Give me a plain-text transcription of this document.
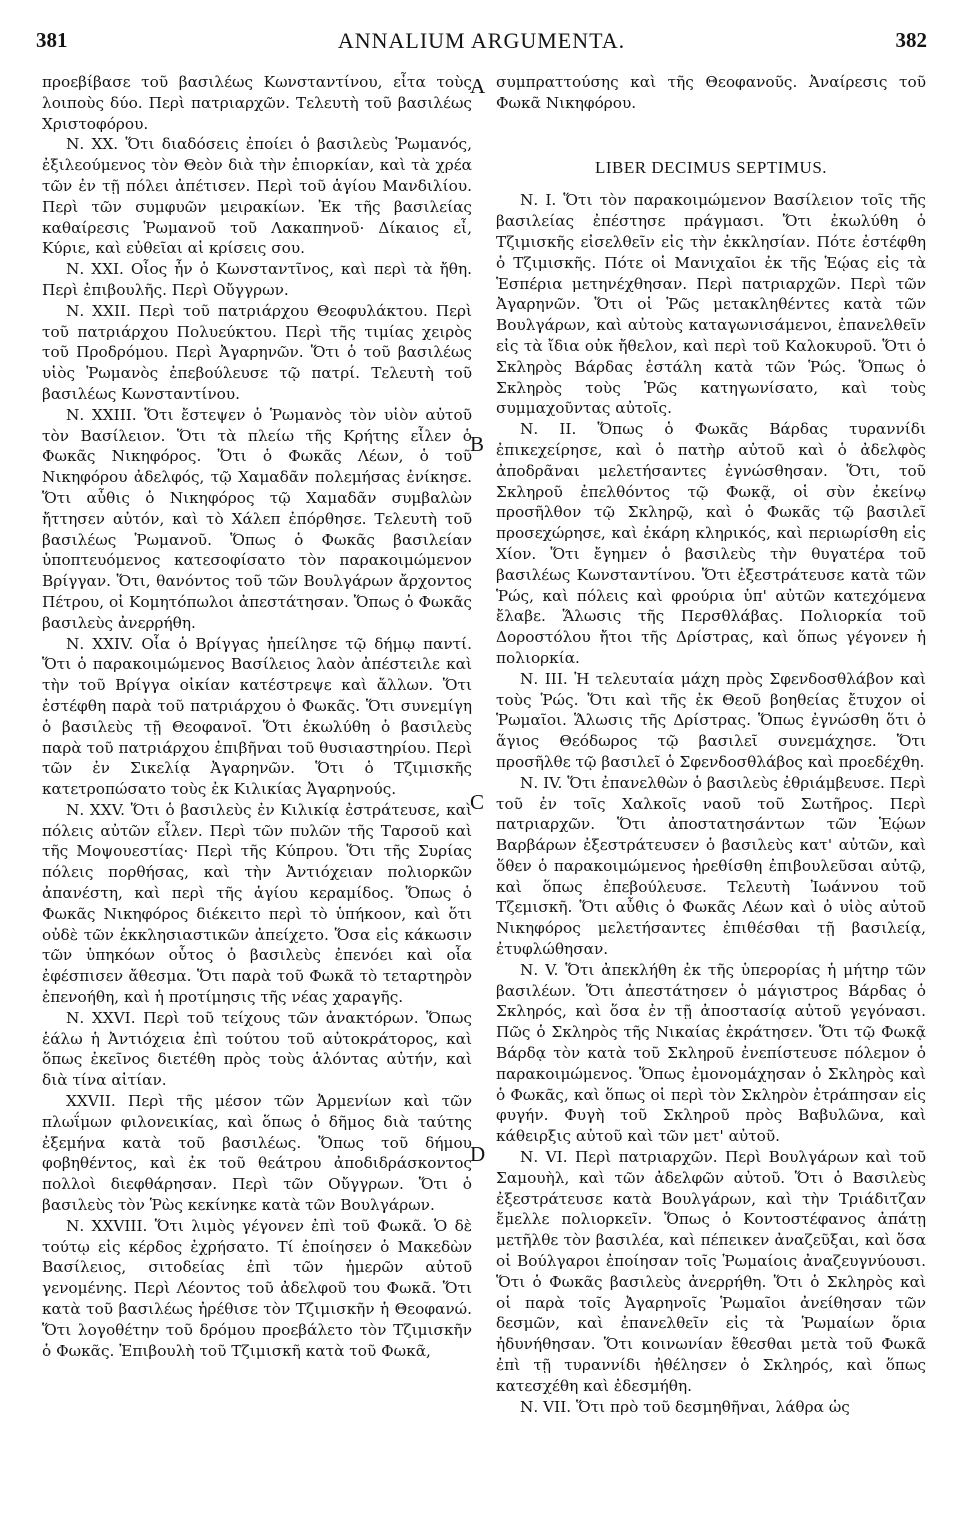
381	ANNALIUM ARGUMENTA.	382
A
B
C
D

προεβίβασε τοῦ βασιλέως Κωνσταντίνου, εἶτα τοὺς λοιποὺς δύο. Περὶ πατριαρχῶν. Τελευτὴ τοῦ βασιλέως Χριστοφόρου.

Ν. XX. Ὅτι διαδόσεις ἐποίει ὁ βασιλεὺς Ῥωμανός, ἐξιλεούμενος τὸν Θεὸν διὰ τὴν ἐπιορκίαν, καὶ τὰ χρέα τῶν ἐν τῇ πόλει ἀπέτισεν. Περὶ τοῦ ἁγίου Μανδιλίου. Περὶ τῶν συμφυῶν μειρακίων. Ἐκ τῆς βασιλείας καθαίρεσις Ῥωμανοῦ τοῦ Λακαπηνοῦ· Δίκαιος εἶ, Κύριε, καὶ εὐθεῖαι αἱ κρίσεις σου.

Ν. XXI. Οἷος ἦν ὁ Κωνσταντῖνος, καὶ περὶ τὰ ἤθη. Περὶ ἐπιβουλῆς. Περὶ Οὔγγρων.

Ν. XXII. Περὶ τοῦ πατριάρχου Θεοφυλάκτου. Περὶ τοῦ πατριάρχου Πολυεύκτου. Περὶ τῆς τιμίας χειρὸς τοῦ Προδρόμου. Περὶ Ἀγαρηνῶν. Ὅτι ὁ τοῦ βασιλέως υἱὸς Ῥωμανὸς ἐπεβούλευσε τῷ πατρί. Τελευτὴ τοῦ βασιλέως Κωνσταντίνου.

Ν. XXIII. Ὅτι ἔστεψεν ὁ Ῥωμανὸς τὸν υἱὸν αὐτοῦ τὸν Βασίλειον. Ὅτι τὰ πλείω τῆς Κρήτης εἷλεν ὁ Φωκᾶς Νικηφόρος. Ὅτι ὁ Φωκᾶς Λέων, ὁ τοῦ Νικηφόρου ἀδελφός, τῷ Χαμαδᾶν πολεμήσας ἐνίκησε. Ὅτι αὖθις ὁ Νικηφόρος τῷ Χαμαδᾶν συμβαλὼν ἤττησεν αὐτόν, καὶ τὸ Χάλεπ ἐπόρθησε. Τελευτὴ τοῦ βασιλέως Ῥωμανοῦ. Ὅπως ὁ Φωκᾶς βασιλείαν ὑποπτευόμενος κατεσοφίσατο τὸν παρακοιμώμενον Βρίγγαν. Ὅτι, θανόντος τοῦ τῶν Βουλγάρων ἄρχοντος Πέτρου, οἱ Κομητόπωλοι ἀπεστάτησαν. Ὅπως ὁ Φωκᾶς βασιλεὺς ἀνερρήθη.

Ν. XXIV. Οἷα ὁ Βρίγγας ἠπείλησε τῷ δήμῳ παντί. Ὅτι ὁ παρακοιμώμενος Βασίλειος λαὸν ἀπέστειλε καὶ τὴν τοῦ Βρίγγα οἰκίαν κατέστρεψε καὶ ἄλλων. Ὅτι ἐστέφθη παρὰ τοῦ πατριάρχου ὁ Φωκᾶς. Ὅτι συνεμίγη ὁ βασιλεὺς τῇ Θεοφανοῖ. Ὅτι ἐκωλύθη ὁ βασιλεὺς παρὰ τοῦ πατριάρχου ἐπιβῆναι τοῦ θυσιαστηρίου. Περὶ τῶν ἐν Σικελίᾳ Ἀγαρηνῶν. Ὅτι ὁ Τζιμισκῆς κατετροπώσατο τοὺς ἐκ Κιλικίας Ἀγαρηνούς.

Ν. XXV. Ὅτι ὁ βασιλεὺς ἐν Κιλικίᾳ ἐστράτευσε, καὶ πόλεις αὐτῶν εἷλεν. Περὶ τῶν πυλῶν τῆς Ταρσοῦ καὶ τῆς Μοψουεστίας· Περὶ τῆς Κύπρου. Ὅτι τῆς Συρίας πόλεις πορθήσας, καὶ τὴν Ἀντιόχειαν πολιορκῶν ἀπανέστη, καὶ περὶ τῆς ἁγίου κεραμίδος. Ὅπως ὁ Φωκᾶς Νικηφόρος διέκειτο περὶ τὸ ὑπήκοον, καὶ ὅτι οὐδὲ τῶν ἐκκλησιαστικῶν ἀπείχετο. Ὅσα εἰς κάκωσιν τῶν ὑπηκόων οὗτος ὁ βασιλεὺς ἐπενόει καὶ οἷα ἐφέσπισεν ἄθεσμα. Ὅτι παρὰ τοῦ Φωκᾶ τὸ τεταρτηρὸν ἐπενοήθη, καὶ ἡ προτίμησις τῆς νέας χαραγῆς.

Ν. XXVI. Περὶ τοῦ τείχους τῶν ἀνακτόρων. Ὅπως ἑάλω ἡ Ἀντιόχεια ἐπὶ τούτου τοῦ αὐτοκράτορος, καὶ ὅπως ἐκεῖνος διετέθη πρὸς τοὺς ἁλόντας αὐτήν, καὶ διὰ τίνα αἰτίαν.

XXVII. Περὶ τῆς μέσον τῶν Ἀρμενίων καὶ τῶν πλωΐμων φιλονεικίας, καὶ ὅπως ὁ δῆμος διὰ ταύτης ἐξεμήνα κατὰ τοῦ βασιλέως. Ὅπως τοῦ δήμου φοβηθέντος, καὶ ἐκ τοῦ θεάτρου ἀποδιδράσκοντος πολλοὶ διεφθάρησαν. Περὶ τῶν Οὔγγρων. Ὅτι ὁ βασιλεὺς τὸν Ῥὼς κεκίνηκε κατὰ τῶν Βουλγάρων.

Ν. XXVIII. Ὅτι λιμὸς γέγονεν ἐπὶ τοῦ Φωκᾶ. Ὁ δὲ τούτῳ εἰς κέρδος ἐχρήσατο. Τί ἐποίησεν ὁ Μακεδὼν Βασίλειος, σιτοδείας ἐπὶ τῶν ἡμερῶν αὐτοῦ γενομένης. Περὶ Λέοντος τοῦ ἀδελφοῦ του Φωκᾶ. Ὅτι κατὰ τοῦ βασιλέως ἠρέθισε τὸν Τζιμισκῆν ἡ Θεοφανώ. Ὅτι λογοθέτην τοῦ δρόμου προεβάλετο τὸν Τζιμισκῆν ὁ Φωκᾶς. Ἐπιβουλὴ τοῦ Τζιμισκῆ κατὰ τοῦ Φωκᾶ,

συμπραττούσης καὶ τῆς Θεοφανοῦς. Ἀναίρεσις τοῦ Φωκᾶ Νικηφόρου.

LIBER DECIMUS SEPTIMUS.

Ν. I. Ὅτι τὸν παρακοιμώμενον Βασίλειον τοῖς τῆς βασιλείας ἐπέστησε πράγμασι. Ὅτι ἐκωλύθη ὁ Τζιμισκῆς εἰσελθεῖν εἰς τὴν ἐκκλησίαν. Πότε ἐστέφθη ὁ Τζιμισκῆς. Πότε οἱ Μανιχαῖοι ἐκ τῆς Ἑῴας εἰς τὰ Ἑσπέρια μετηνέχθησαν. Περὶ πατριαρχῶν. Περὶ τῶν Ἀγαρηνῶν. Ὅτι οἱ Ῥῶς μετακληθέντες κατὰ τῶν Βουλγάρων, καὶ αὐτοὺς καταγωνισάμενοι, ἐπανελθεῖν εἰς τὰ ἴδια οὐκ ἤθελον, καὶ περὶ τοῦ Καλοκυροῦ. Ὅτι ὁ Σκληρὸς Βάρδας ἐστάλη κατὰ τῶν Ῥώς. Ὅπως ὁ Σκληρὸς τοὺς Ῥῶς κατηγωνίσατο, καὶ τοὺς συμμαχοῦντας αὐτοῖς.

Ν. II. Ὅπως ὁ Φωκᾶς Βάρδας τυραννίδι ἐπικεχείρησε, καὶ ὁ πατὴρ αὐτοῦ καὶ ὁ ἀδελφὸς ἀποδρᾶναι μελετήσαντες ἐγνώσθησαν. Ὅτι, τοῦ Σκληροῦ ἐπελθόντος τῷ Φωκᾷ, οἱ σὺν ἐκείνῳ προσῆλθον τῷ Σκληρῷ, καὶ ὁ Φωκᾶς τῷ βασιλεῖ προσεχώρησε, καὶ ἐκάρη κληρικός, καὶ περιωρίσθη εἰς Χίον. Ὅτι ἔγημεν ὁ βασιλεὺς τὴν θυγατέρα τοῦ βασιλέως Κωνσταντίνου. Ὅτι ἐξεστράτευσε κατὰ τῶν Ῥώς, καὶ πόλεις καὶ φρούρια ὑπ' αὐτῶν κατεχόμενα ἔλαβε. Ἅλωσις τῆς Περσθλάβας. Πολιορκία τοῦ Δοροστόλου ἤτοι τῆς Δρίστρας, καὶ ὅπως γέγονεν ἡ πολιορκία.

Ν. III. Ἡ τελευταία μάχη πρὸς Σφενδοσθλάβον καὶ τοὺς Ῥώς. Ὅτι καὶ τῆς ἐκ Θεοῦ βοηθείας ἔτυχον οἱ Ῥωμαῖοι. Ἅλωσις τῆς Δρίστρας. Ὅπως ἐγνώσθη ὅτι ὁ ἅγιος Θεόδωρος τῷ βασιλεῖ συνεμάχησε. Ὅτι προσῆλθε τῷ βασιλεῖ ὁ Σφενδοσθλάβος καὶ προεδέχθη.

Ν. IV. Ὅτι ἐπανελθὼν ὁ βασιλεὺς ἐθριάμβευσε. Περὶ τοῦ ἐν τοῖς Χαλκοῖς ναοῦ τοῦ Σωτῆρος. Περὶ πατριαρχῶν. Ὅτι ἀποστατησάντων τῶν Ἑῴων Βαρβάρων ἐξεστράτευσεν ὁ βασιλεὺς κατ' αὐτῶν, καὶ ὅθεν ὁ παρακοιμώμενος ἠρεθίσθη ἐπιβουλεῦσαι αὐτῷ, καὶ ὅπως ἐπεβούλευσε. Τελευτὴ Ἰωάννου τοῦ Τζεμισκῆ. Ὅτι αὖθις ὁ Φωκᾶς Λέων καὶ ὁ υἱὸς αὐτοῦ Νικηφόρος μελετήσαντες ἐπιθέσθαι τῇ βασιλείᾳ, ἐτυφλώθησαν.

Ν. V. Ὅτι ἀπεκλήθη ἐκ τῆς ὑπερορίας ἡ μήτηρ τῶν βασιλέων. Ὅτι ἀπεστάτησεν ὁ μάγιστρος Βάρδας ὁ Σκληρός, καὶ ὅσα ἐν τῇ ἀποστασίᾳ αὐτοῦ γεγόνασι. Πῶς ὁ Σκληρὸς τῆς Νικαίας ἐκράτησεν. Ὅτι τῷ Φωκᾷ Βάρδᾳ τὸν κατὰ τοῦ Σκληροῦ ἐνεπίστευσε πόλεμον ὁ παρακοιμώμενος. Ὅπως ἐμονομάχησαν ὁ Σκληρὸς καὶ ὁ Φωκᾶς, καὶ ὅπως οἱ περὶ τὸν Σκληρὸν ἐτράπησαν εἰς φυγήν. Φυγὴ τοῦ Σκληροῦ πρὸς Βαβυλῶνα, καὶ κάθειρξις αὐτοῦ καὶ τῶν μετ' αὐτοῦ.

Ν. VI. Περὶ πατριαρχῶν. Περὶ Βουλγάρων καὶ τοῦ Σαμουὴλ, καὶ τῶν ἀδελφῶν αὐτοῦ. Ὅτι ὁ Βασιλεὺς ἐξεστράτευσε κατὰ Βουλγάρων, καὶ τὴν Τριάδιτζαν ἔμελλε πολιορκεῖν. Ὅπως ὁ Κοντοστέφανος ἀπάτῃ μετῆλθε τὸν βασιλέα, καὶ πέπεικεν ἀναζεῦξαι, καὶ ὅσα οἱ Βούλγαροι ἐποίησαν τοῖς Ῥωμαίοις ἀναζευγνύουσι. Ὅτι ὁ Φωκᾶς βασιλεὺς ἀνερρήθη. Ὅτι ὁ Σκληρὸς καὶ οἱ παρὰ τοῖς Ἀγαρηνοῖς Ῥωμαῖοι ἀνείθησαν τῶν δεσμῶν, καὶ ἐπανελθεῖν εἰς τὰ Ῥωμαίων ὅρια ἠδυνήθησαν. Ὅτι κοινωνίαν ἔθεσθαι μετὰ τοῦ Φωκᾶ ἐπὶ τῇ τυραννίδι ἠθέλησεν ὁ Σκληρός, καὶ ὅπως κατεσχέθη καὶ ἐδεσμήθη.

Ν. VII. Ὅτι πρὸ τοῦ δεσμηθῆναι, λάθρα ὡς
